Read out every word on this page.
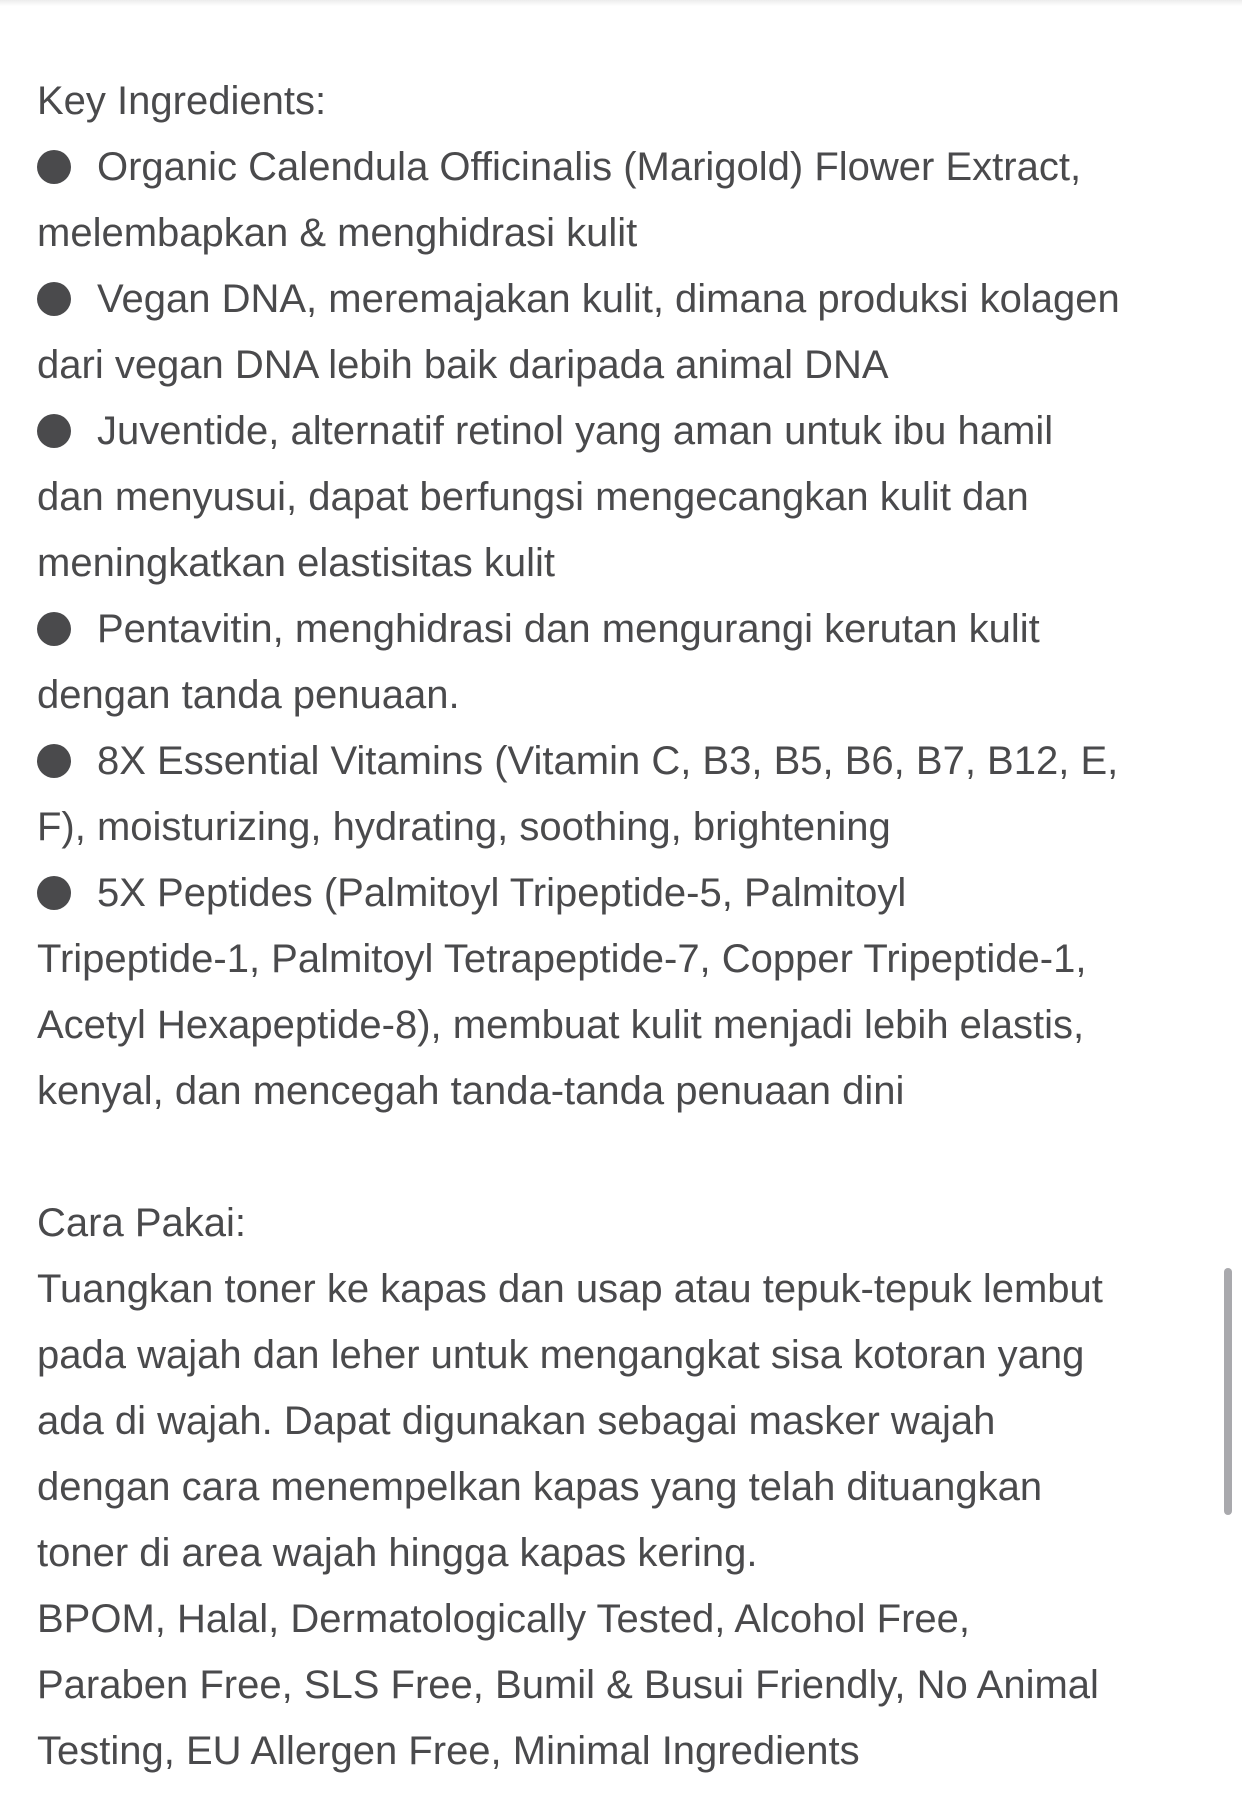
Key Ingredients:
Organic Calendula Officinalis (Marigold) Flower Extract,
melembapkan & menghidrasi kulit
Vegan DNA, meremajakan kulit, dimana produksi kolagen
dari vegan DNA lebih baik daripada animal DNA
Juventide, alternatif retinol yang aman untuk ibu hamil
dan menyusui, dapat berfungsi mengecangkan kulit dan
meningkatkan elastisitas kulit
Pentavitin, menghidrasi dan mengurangi kerutan kulit
dengan tanda penuaan.
8X Essential Vitamins (Vitamin C, B3, B5, B6, B7, B12, E,
F), moisturizing, hydrating, soothing, brightening
5X Peptides (Palmitoyl Tripeptide-5, Palmitoyl
Tripeptide-1, Palmitoyl Tetrapeptide-7, Copper Tripeptide-1,
Acetyl Hexapeptide-8), membuat kulit menjadi lebih elastis,
kenyal, dan mencegah tanda-tanda penuaan dini
Cara Pakai:
Tuangkan toner ke kapas dan usap atau tepuk-tepuk lembut
pada wajah dan leher untuk mengangkat sisa kotoran yang
ada di wajah. Dapat digunakan sebagai masker wajah
dengan cara menempelkan kapas yang telah dituangkan
toner di area wajah hingga kapas kering.
BPOM, Halal, Dermatologically Tested, Alcohol Free,
Paraben Free, SLS Free, Bumil & Busui Friendly, No Animal
Testing, EU Allergen Free, Minimal Ingredients
